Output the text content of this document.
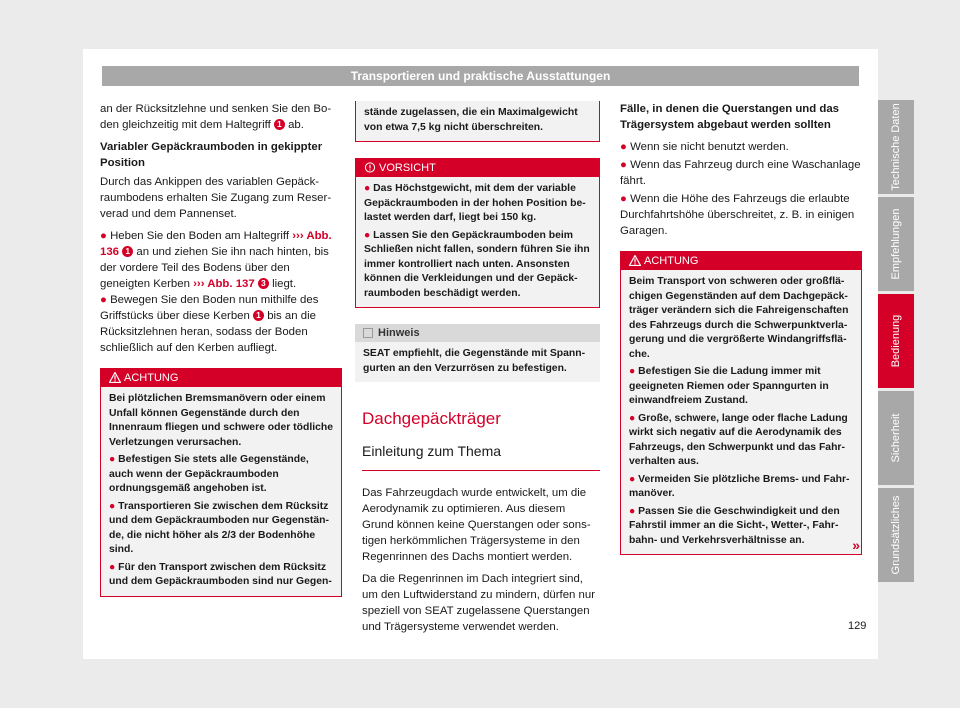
Transportieren und praktische Ausstattungen

an der Rücksitzlehne und senken Sie den Boden gleichzeitig mit dem Haltegriff 1 ab.

Variabler Gepäckraumboden in gekippter Position

Durch das Ankippen des variablen Gepäckraumbodens erhalten Sie Zugang zum Reserverad und dem Pannenset.

● Heben Sie den Boden am Haltegriff ››› Abb. 136 1 an und ziehen Sie ihn nach hinten, bis der vordere Teil des Bodens über den geneigten Kerben ››› Abb. 137 3 liegt.

● Bewegen Sie den Boden nun mithilfe des Griffstücks über diese Kerben 1 bis an die Rücksitzlehnen heran, sodass der Boden schließlich auf den Kerben aufliegt.

ACHTUNG

Bei plötzlichen Bremsmanövern oder einem Unfall können Gegenstände durch den Innenraum fliegen und schwere oder tödliche Verletzungen verursachen.

● Befestigen Sie stets alle Gegenstände, auch wenn der Gepäckraumboden ordnungsgemäß angehoben ist.

● Transportieren Sie zwischen dem Rücksitz und dem Gepäckraumboden nur Gegenstände, die nicht höher als 2/3 der Bodenhöhe sind.

● Für den Transport zwischen dem Rücksitz und dem Gepäckraumboden sind nur Gegen-

stände zugelassen, die ein Maximalgewicht von etwa 7,5 kg nicht überschreiten.
VORSICHT

● Das Höchstgewicht, mit dem der variable Gepäckraumboden in der hohen Position belastet werden darf, liegt bei 150 kg.

● Lassen Sie den Gepäckraumboden beim Schließen nicht fallen, sondern führen Sie ihn immer kontrolliert nach unten. Ansonsten können die Verkleidungen und der Gepäckraumboden beschädigt werden.

Hinweis
SEAT empfiehlt, die Gegenstände mit Spanngurten an den Verzurrösen zu befestigen.
Dachgepäckträger
Einleitung zum Thema

Das Fahrzeugdach wurde entwickelt, um die Aerodynamik zu optimieren. Aus diesem Grund können keine Querstangen oder sonstigen herkömmlichen Trägersysteme in den Regenrinnen des Dachs montiert werden.

Da die Regenrinnen im Dach integriert sind, um den Luftwiderstand zu mindern, dürfen nur speziell von SEAT zugelassene Querstangen und Trägersysteme verwendet werden.

Fälle, in denen die Querstangen und das Trägersystem abgebaut werden sollten

● Wenn sie nicht benutzt werden.

● Wenn das Fahrzeug durch eine Waschanlage fährt.

● Wenn die Höhe des Fahrzeugs die erlaubte Durchfahrtshöhe überschreitet, z. B. in einigen Garagen.

ACHTUNG

Beim Transport von schweren oder großflächigen Gegenständen auf dem Dachgepäckträger verändern sich die Fahreigenschaften des Fahrzeugs durch die Schwerpunktverlagerung und die vergrößerte Windangriffsfläche.

● Befestigen Sie die Ladung immer mit geeigneten Riemen oder Spanngurten in einwandfreiem Zustand.

● Große, schwere, lange oder flache Ladung wirkt sich negativ auf die Aerodynamik des Fahrzeugs, den Schwerpunkt und das Fahrverhalten aus.

● Vermeiden Sie plötzliche Brems- und Fahrmanöver.

● Passen Sie die Geschwindigkeit und den Fahrstil immer an die Sicht-, Wetter-, Fahrbahn- und Verkehrsverhältnisse an.	»
Technische Daten
Empfehlungen
Bedienung
Sicherheit
Grundsätzliches
129
